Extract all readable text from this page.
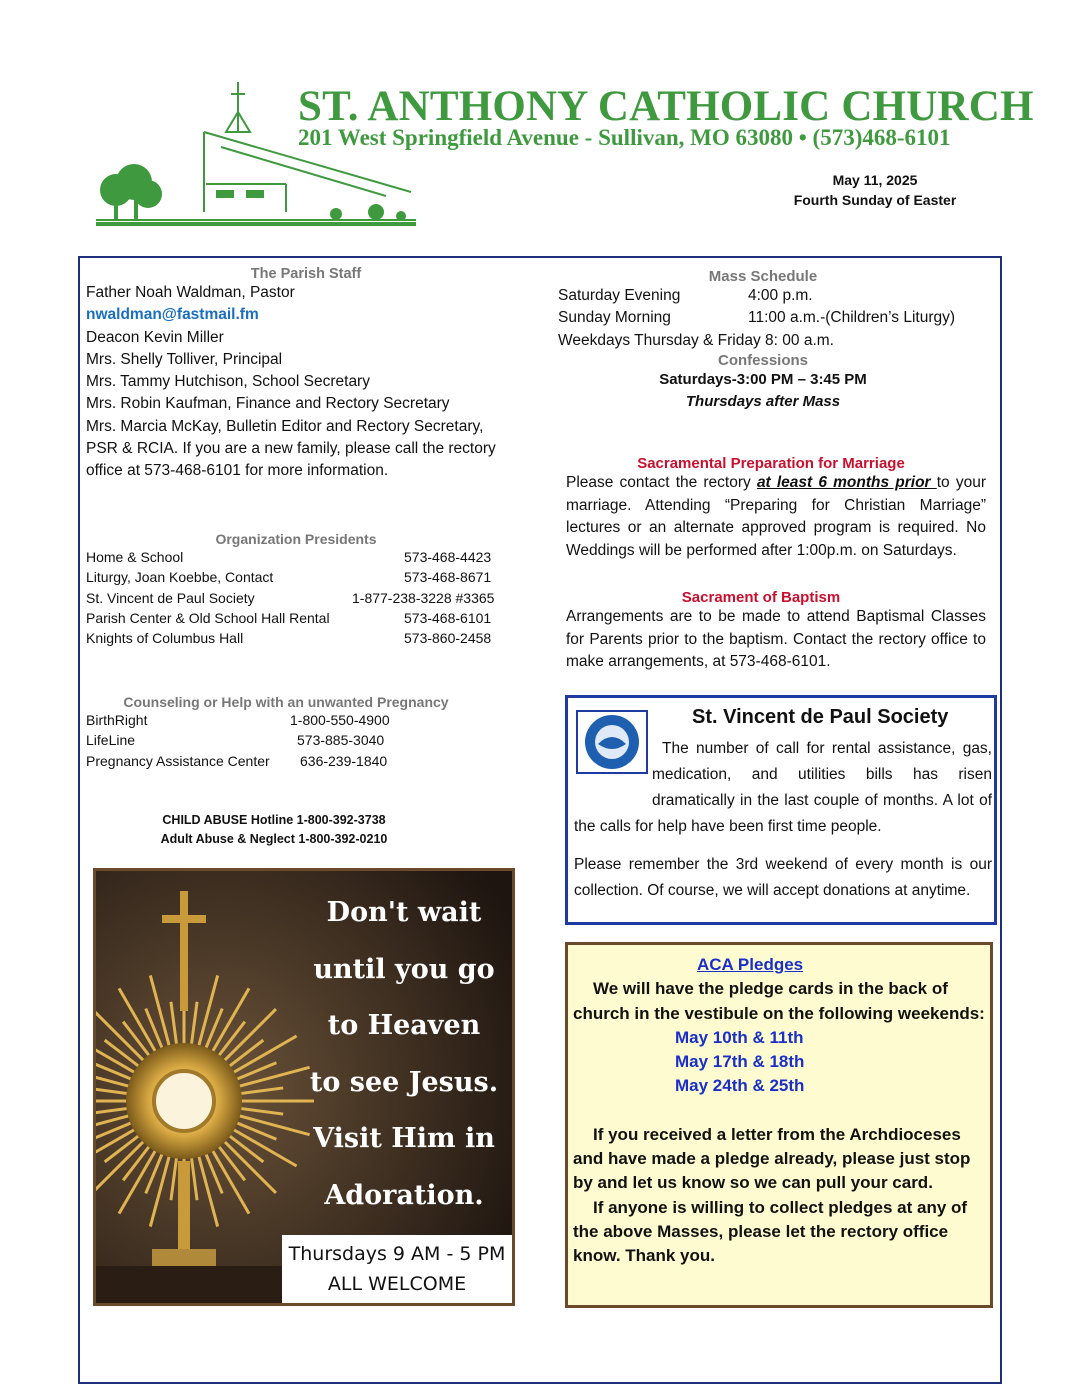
ST. ANTHONY CATHOLIC CHURCH
201 West Springfield Avenue - Sullivan, MO 63080 • (573)468-6101
May 11, 2025
Fourth Sunday of Easter
The Parish Staff
Father Noah Waldman, Pastor
nwaldman@fastmail.fm
Deacon Kevin Miller
Mrs. Shelly Tolliver, Principal
Mrs. Tammy Hutchison, School Secretary
Mrs. Robin Kaufman, Finance and Rectory Secretary
Mrs. Marcia McKay, Bulletin Editor and Rectory Secretary,
PSR & RCIA. If you are a new family, please call the rectory
office at 573-468-6101 for more information.
Organization Presidents
Home & School	573-468-4423
Liturgy, Joan Koebbe, Contact	573-468-8671
St. Vincent de Paul Society	1-877-238-3228 #3365
Parish Center & Old School Hall Rental	573-468-6101
Knights of Columbus Hall	573-860-2458
Counseling or Help with an unwanted Pregnancy
BirthRight	1-800-550-4900
LifeLine	573-885-3040
Pregnancy Assistance Center 636-239-1840
CHILD ABUSE Hotline 1-800-392-3738
Adult Abuse & Neglect 1-800-392-0210
Don't wait
until you go
to Heaven
to see Jesus.
Visit Him in
Adoration.
Thursdays 9 AM - 5 PM
ALL WELCOME
Mass Schedule
Saturday Evening	4:00 p.m.
Sunday Morning	11:00 a.m.-(Children’s Liturgy)
Weekdays Thursday & Friday 8: 00 a.m.
Confessions
Saturdays-3:00 PM – 3:45 PM
Thursdays after Mass
Sacramental Preparation for Marriage
Please contact the rectory at least 6 months prior to your marriage. Attending “Preparing for Christian Marriage” lectures or an alternate approved program is required. No Weddings will be performed after 1:00p.m. on Saturdays.
Sacrament of Baptism
Arrangements are to be made to attend Baptismal Classes for Parents prior to the baptism. Contact the rectory office to make arrangements, at 573-468-6101.
St. Vincent de Paul Society
The number of call for rental assistance, gas, medication, and utilities bills has risen dramatically in the last couple of months. A lot of the calls for help have been first time people.
Please remember the 3rd weekend of every month is our collection. Of course, we will accept donations at anytime.
ACA Pledges
We will have the pledge cards in the back of church in the vestibule on the following weekends:
May 10th & 11th
May 17th & 18th
May 24th & 25th
If you received a letter from the Archdioceses and have made a pledge already, please just stop by and let us know so we can pull your card.
If anyone is willing to collect pledges at any of the above Masses, please let the rectory office know. Thank you.
